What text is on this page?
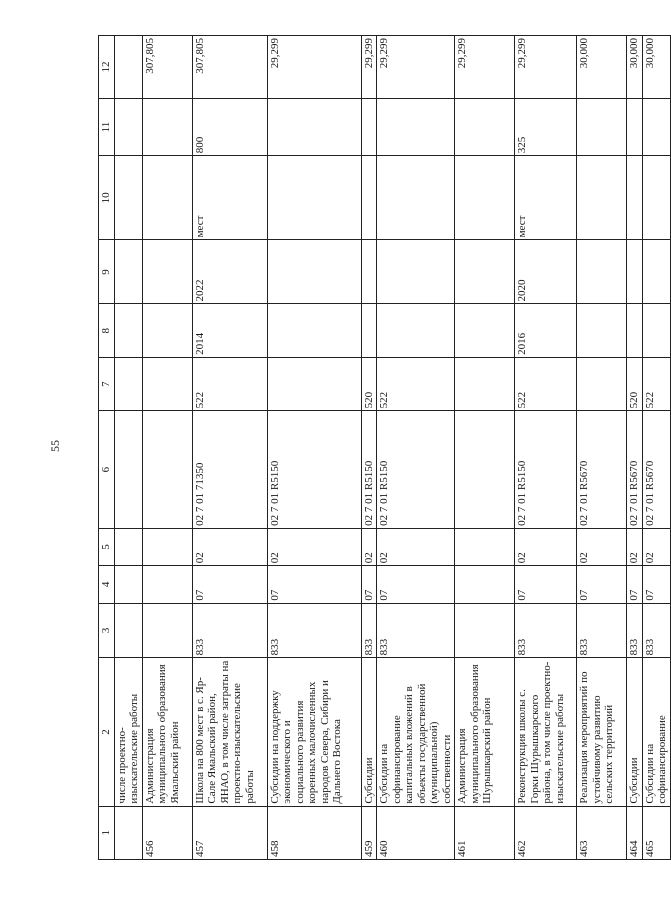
55
1	2	3	4	5	6	7	8	9	10	11	12
	числе проектно-изыскательские работы										
456	Администрация муниципального образования Ямальский район										307,805
457	Школа на 800 мест в с. Яр-Сале Ямальский район, ЯНАО, в том числе затраты на проектно-изыскательские работы	833	07	02	02 7 01 71350	522	2014	2022	мест	800	307,805
458	Субсидии на поддержку экономического и социального развития коренных малочисленных народов Севера, Сибири и Дальнего Востока	833	07	02	02 7 01 R5150						29,299
459	Субсидии	833	07	02	02 7 01 R5150	520					29,299
460	Субсидии на софинансирование капитальных вложений в объекты государственной (муниципальной) собственности	833	07	02	02 7 01 R5150	522					29,299
461	Администрация муниципального образования Шурышкарский район										29,299
462	Реконструкция школы с. Горки Шурышкарского района, в том числе проектно-изыскательские работы	833	07	02	02 7 01 R5150	522	2016	2020	мест	325	29,299
463	Реализация мероприятий по устойчивому развитию сельских территорий	833	07	02	02 7 01 R5670						30,000
464	Субсидии	833	07	02	02 7 01 R5670	520					30,000
465	Субсидии на софинансирование	833	07	02	02 7 01 R5670	522					30,000
